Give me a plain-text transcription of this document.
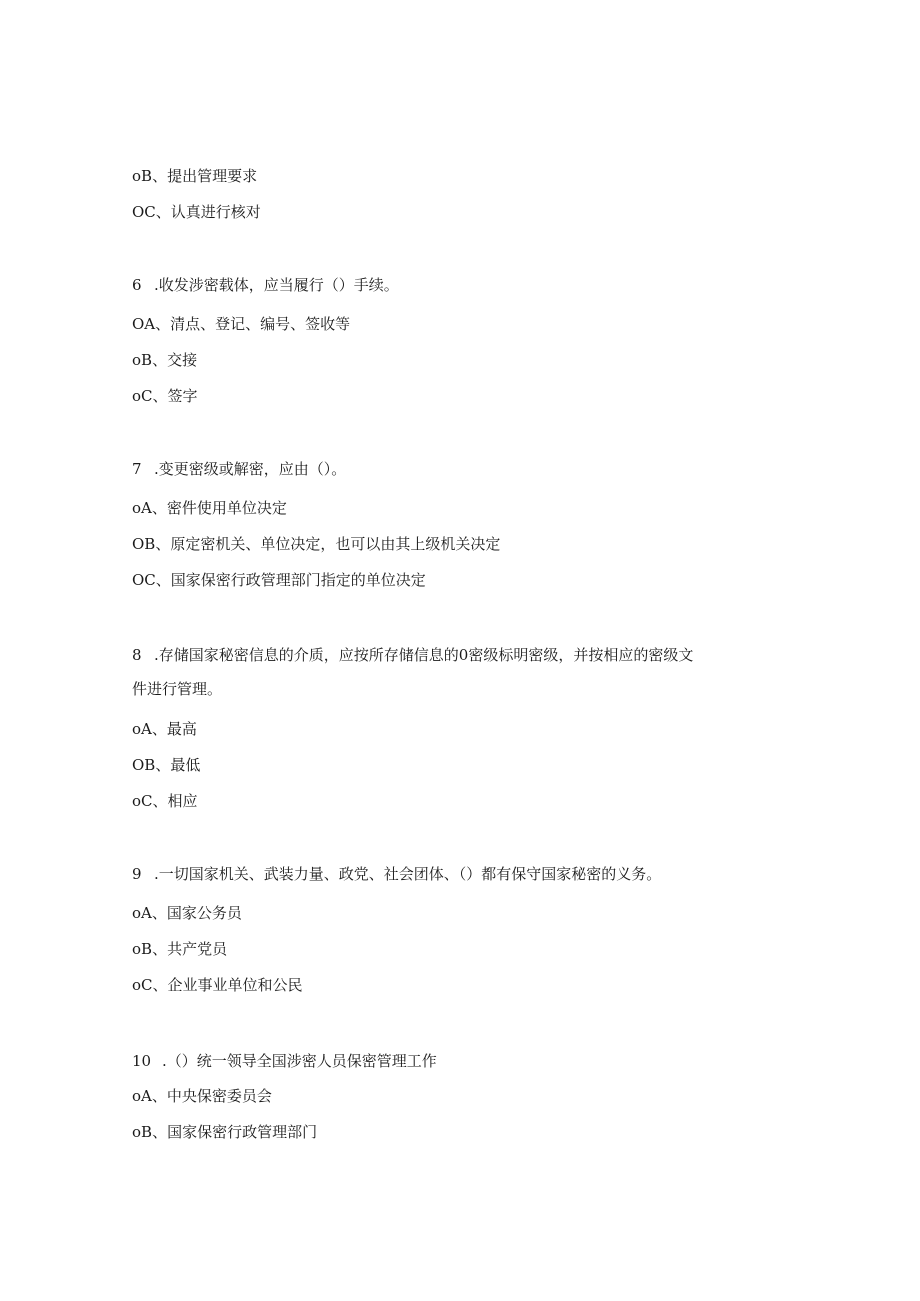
oB、提出管理要求
OC、认真进行核对
6 .收发涉密载体，应当履行（）手续。
OA、清点、登记、编号、签收等
oB、交接
oC、签字
7 .变更密级或解密，应由（）。
oA、密件使用单位决定
OB、原定密机关、单位决定，也可以由其上级机关决定
OC、国家保密行政管理部门指定的单位决定
8 .存储国家秘密信息的介质，应按所存储信息的0密级标明密级，并按相应的密级文
件进行管理。
oA、最高
OB、最低
oC、相应
9 .一切国家机关、武装力量、政党、社会团体、（）都有保守国家秘密的义务。
oA、国家公务员
oB、共产党员
oC、企业事业单位和公民
10 .（）统一领导全国涉密人员保密管理工作
oA、中央保密委员会
oB、国家保密行政管理部门
